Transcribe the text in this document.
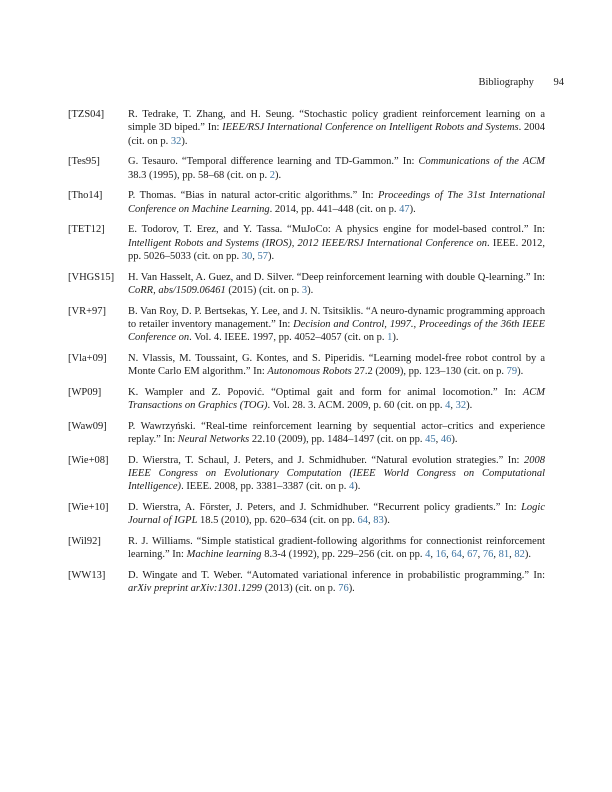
Bibliography 94
[TZS04]	R. Tedrake, T. Zhang, and H. Seung. “Stochastic policy gradient reinforcement learning on a simple 3D biped.” In: IEEE/RSJ International Conference on Intelligent Robots and Systems. 2004 (cit. on p. 32).
[Tes95]	G. Tesauro. “Temporal difference learning and TD-Gammon.” In: Communications of the ACM 38.3 (1995), pp. 58–68 (cit. on p. 2).
[Tho14]	P. Thomas. “Bias in natural actor-critic algorithms.” In: Proceedings of The 31st International Conference on Machine Learning. 2014, pp. 441–448 (cit. on p. 47).
[TET12]	E. Todorov, T. Erez, and Y. Tassa. “MuJoCo: A physics engine for model-based control.” In: Intelligent Robots and Systems (IROS), 2012 IEEE/RSJ International Conference on. IEEE. 2012, pp. 5026–5033 (cit. on pp. 30, 57).
[VHGS15]	H. Van Hasselt, A. Guez, and D. Silver. “Deep reinforcement learning with double Q-learning.” In: CoRR, abs/1509.06461 (2015) (cit. on p. 3).
[VR+97]	B. Van Roy, D. P. Bertsekas, Y. Lee, and J. N. Tsitsiklis. “A neuro-dynamic programming approach to retailer inventory management.” In: Decision and Control, 1997., Proceedings of the 36th IEEE Conference on. Vol. 4. IEEE. 1997, pp. 4052–4057 (cit. on p. 1).
[Vla+09]	N. Vlassis, M. Toussaint, G. Kontes, and S. Piperidis. “Learning model-free robot control by a Monte Carlo EM algorithm.” In: Autonomous Robots 27.2 (2009), pp. 123–130 (cit. on p. 79).
[WP09]	K. Wampler and Z. Popović. “Optimal gait and form for animal locomotion.” In: ACM Transactions on Graphics (TOG). Vol. 28. 3. ACM. 2009, p. 60 (cit. on pp. 4, 32).
[Waw09]	P. Wawrzyński. “Real-time reinforcement learning by sequential actor–critics and experience replay.” In: Neural Networks 22.10 (2009), pp. 1484–1497 (cit. on pp. 45, 46).
[Wie+08]	D. Wierstra, T. Schaul, J. Peters, and J. Schmidhuber. “Natural evolution strategies.” In: 2008 IEEE Congress on Evolutionary Computation (IEEE World Congress on Computational Intelligence). IEEE. 2008, pp. 3381–3387 (cit. on p. 4).
[Wie+10]	D. Wierstra, A. Förster, J. Peters, and J. Schmidhuber. “Recurrent policy gradients.” In: Logic Journal of IGPL 18.5 (2010), pp. 620–634 (cit. on pp. 64, 83).
[Wil92]	R. J. Williams. “Simple statistical gradient-following algorithms for connectionist reinforcement learning.” In: Machine learning 8.3-4 (1992), pp. 229–256 (cit. on pp. 4, 16, 64, 67, 76, 81, 82).
[WW13]	D. Wingate and T. Weber. “Automated variational inference in probabilistic programming.” In: arXiv preprint arXiv:1301.1299 (2013) (cit. on p. 76).
